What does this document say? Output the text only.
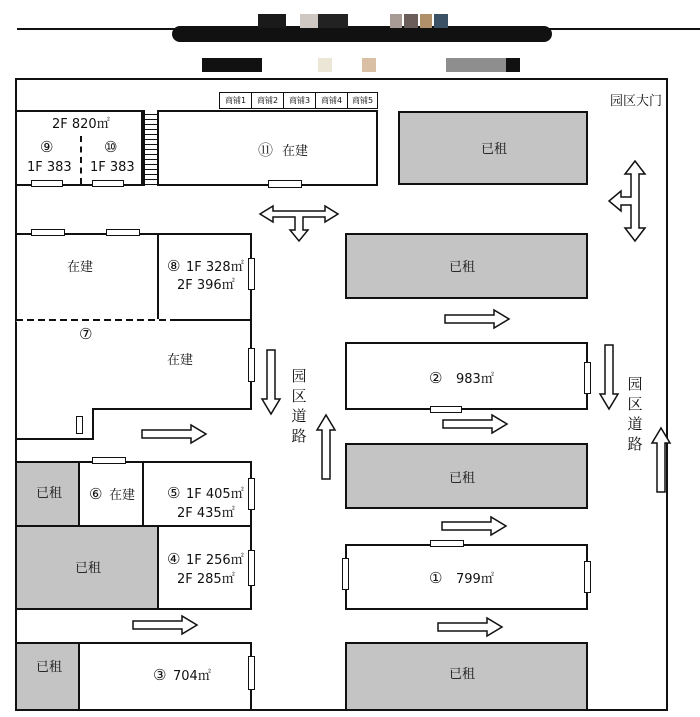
园区大门
商铺1	商铺2	商铺3	商铺4	商铺5
2F 820㎡
⑨
1F 383
⑩
1F 383
⑪ 在建	已租
在建	⑧ 1F 328㎡
2F 396㎡
⑦
在建
已租 ⑥ 在建 ⑤ 1F 405㎡
2F 435㎡
已租
④ 1F 256㎡
2F 285㎡
已租	③ 704㎡
已租
② 983㎡
已租
① 799㎡
已租
园
区
道
路
园
区
道
路
